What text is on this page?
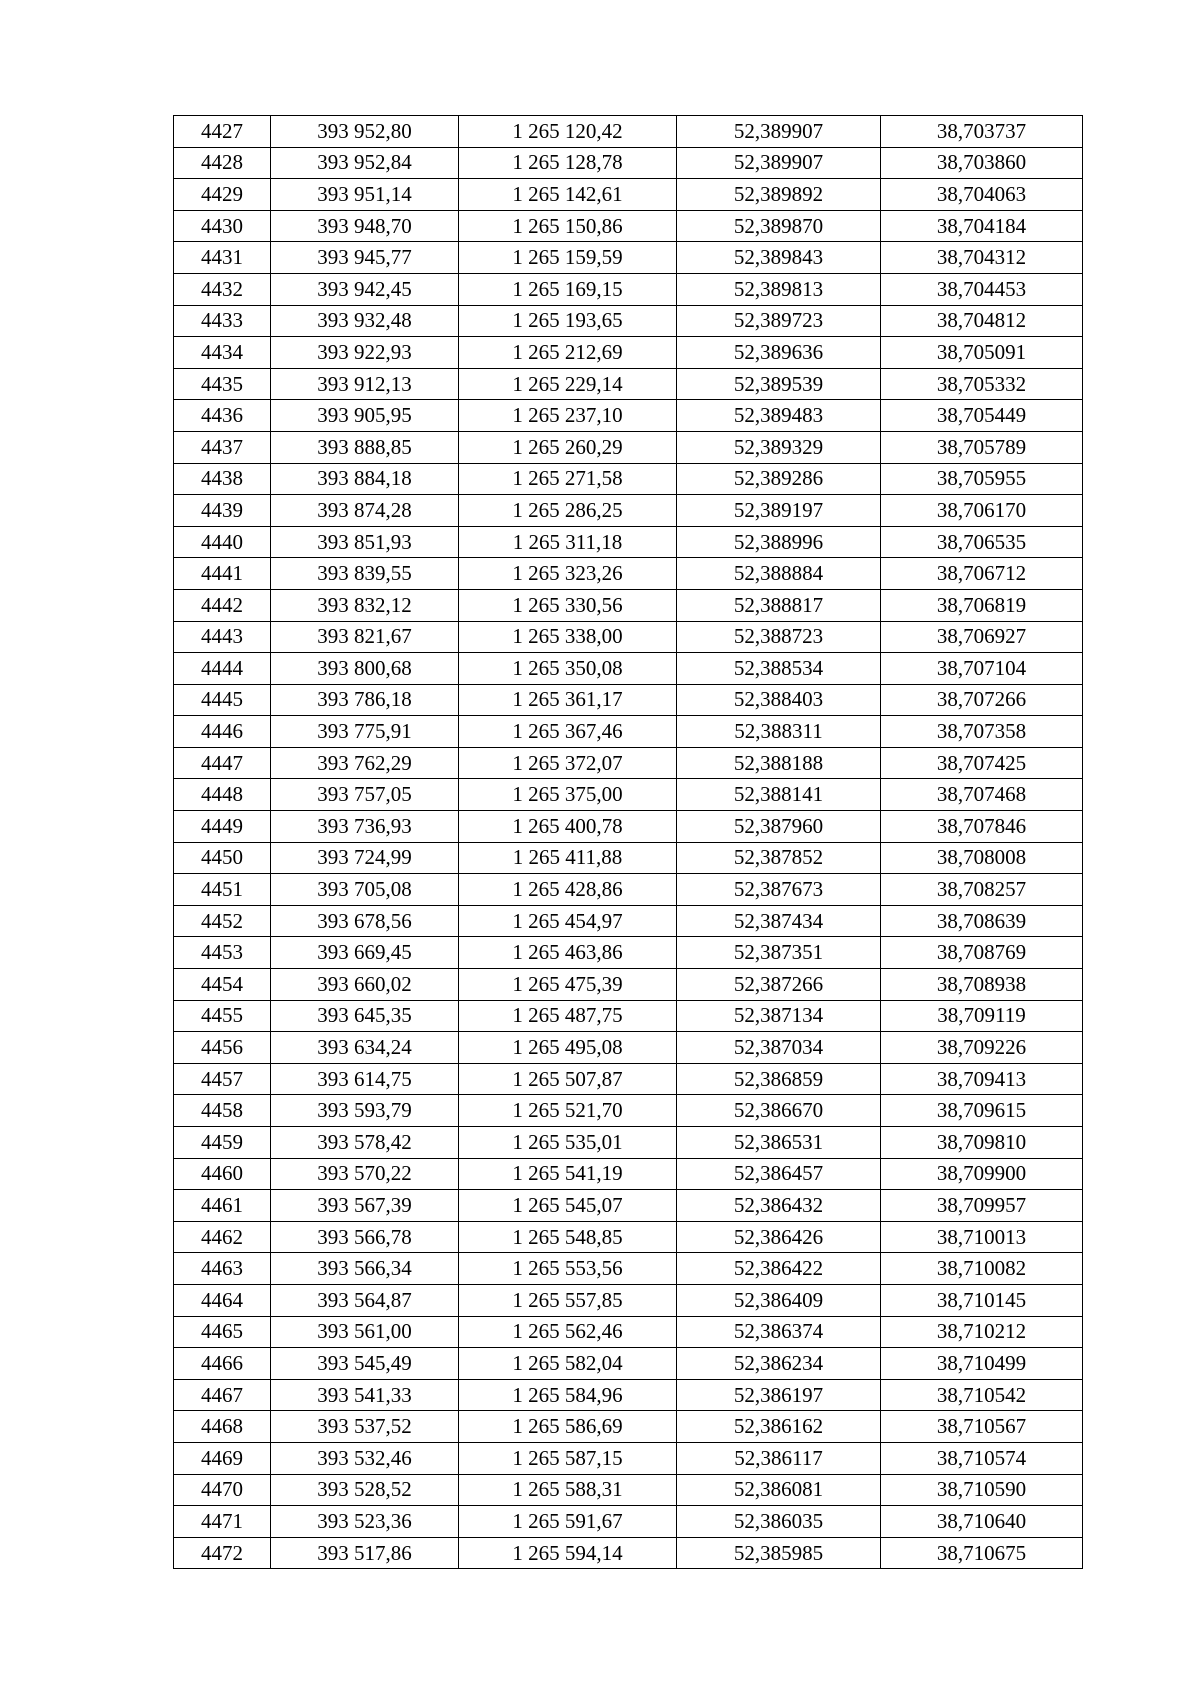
4427	393 952,80	1 265 120,42	52,389907	38,703737
4428	393 952,84	1 265 128,78	52,389907	38,703860
4429	393 951,14	1 265 142,61	52,389892	38,704063
4430	393 948,70	1 265 150,86	52,389870	38,704184
4431	393 945,77	1 265 159,59	52,389843	38,704312
4432	393 942,45	1 265 169,15	52,389813	38,704453
4433	393 932,48	1 265 193,65	52,389723	38,704812
4434	393 922,93	1 265 212,69	52,389636	38,705091
4435	393 912,13	1 265 229,14	52,389539	38,705332
4436	393 905,95	1 265 237,10	52,389483	38,705449
4437	393 888,85	1 265 260,29	52,389329	38,705789
4438	393 884,18	1 265 271,58	52,389286	38,705955
4439	393 874,28	1 265 286,25	52,389197	38,706170
4440	393 851,93	1 265 311,18	52,388996	38,706535
4441	393 839,55	1 265 323,26	52,388884	38,706712
4442	393 832,12	1 265 330,56	52,388817	38,706819
4443	393 821,67	1 265 338,00	52,388723	38,706927
4444	393 800,68	1 265 350,08	52,388534	38,707104
4445	393 786,18	1 265 361,17	52,388403	38,707266
4446	393 775,91	1 265 367,46	52,388311	38,707358
4447	393 762,29	1 265 372,07	52,388188	38,707425
4448	393 757,05	1 265 375,00	52,388141	38,707468
4449	393 736,93	1 265 400,78	52,387960	38,707846
4450	393 724,99	1 265 411,88	52,387852	38,708008
4451	393 705,08	1 265 428,86	52,387673	38,708257
4452	393 678,56	1 265 454,97	52,387434	38,708639
4453	393 669,45	1 265 463,86	52,387351	38,708769
4454	393 660,02	1 265 475,39	52,387266	38,708938
4455	393 645,35	1 265 487,75	52,387134	38,709119
4456	393 634,24	1 265 495,08	52,387034	38,709226
4457	393 614,75	1 265 507,87	52,386859	38,709413
4458	393 593,79	1 265 521,70	52,386670	38,709615
4459	393 578,42	1 265 535,01	52,386531	38,709810
4460	393 570,22	1 265 541,19	52,386457	38,709900
4461	393 567,39	1 265 545,07	52,386432	38,709957
4462	393 566,78	1 265 548,85	52,386426	38,710013
4463	393 566,34	1 265 553,56	52,386422	38,710082
4464	393 564,87	1 265 557,85	52,386409	38,710145
4465	393 561,00	1 265 562,46	52,386374	38,710212
4466	393 545,49	1 265 582,04	52,386234	38,710499
4467	393 541,33	1 265 584,96	52,386197	38,710542
4468	393 537,52	1 265 586,69	52,386162	38,710567
4469	393 532,46	1 265 587,15	52,386117	38,710574
4470	393 528,52	1 265 588,31	52,386081	38,710590
4471	393 523,36	1 265 591,67	52,386035	38,710640
4472	393 517,86	1 265 594,14	52,385985	38,710675
